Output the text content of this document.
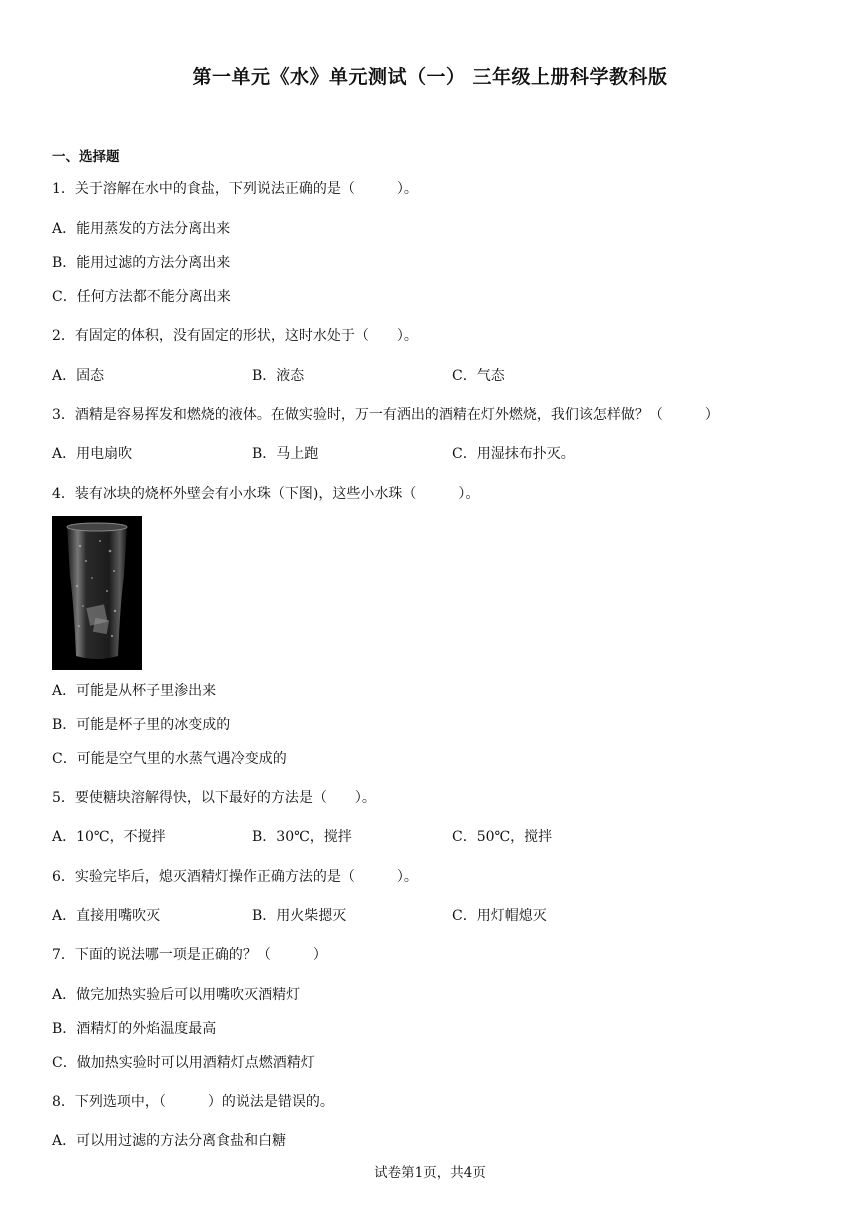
第一单元《水》单元测试（一） 三年级上册科学教科版
一、选择题
1．关于溶解在水中的食盐，下列说法正确的是（　　　）。
A．能用蒸发的方法分离出来
B．能用过滤的方法分离出来
C．任何方法都不能分离出来
2．有固定的体积，没有固定的形状，这时水处于（　　）。
A．固态	B．液态	C．气态
3．酒精是容易挥发和燃烧的液体。在做实验时，万一有洒出的酒精在灯外燃烧，我们该怎样做？（　　　）
A．用电扇吹	B．马上跑	C．用湿抹布扑灭。
4．装有冰块的烧杯外壁会有小水珠（下图)，这些小水珠（　　　）。
A．可能是从杯子里渗出来
B．可能是杯子里的冰变成的
C．可能是空气里的水蒸气遇冷变成的
5．要使糖块溶解得快，以下最好的方法是（　　）。
A．10℃，不搅拌	B．30℃，搅拌	C．50℃，搅拌
6．实验完毕后，熄灭酒精灯操作正确方法的是（　　　）。
A．直接用嘴吹灭	B．用火柴摁灭	C．用灯帽熄灭
7．下面的说法哪一项是正确的？（　　　）
A．做完加热实验后可以用嘴吹灭酒精灯
B．酒精灯的外焰温度最高
C．做加热实验时可以用酒精灯点燃酒精灯
8．下列选项中，（　　　）的说法是错误的。
A．可以用过滤的方法分离食盐和白糖
试卷第1页，共4页
